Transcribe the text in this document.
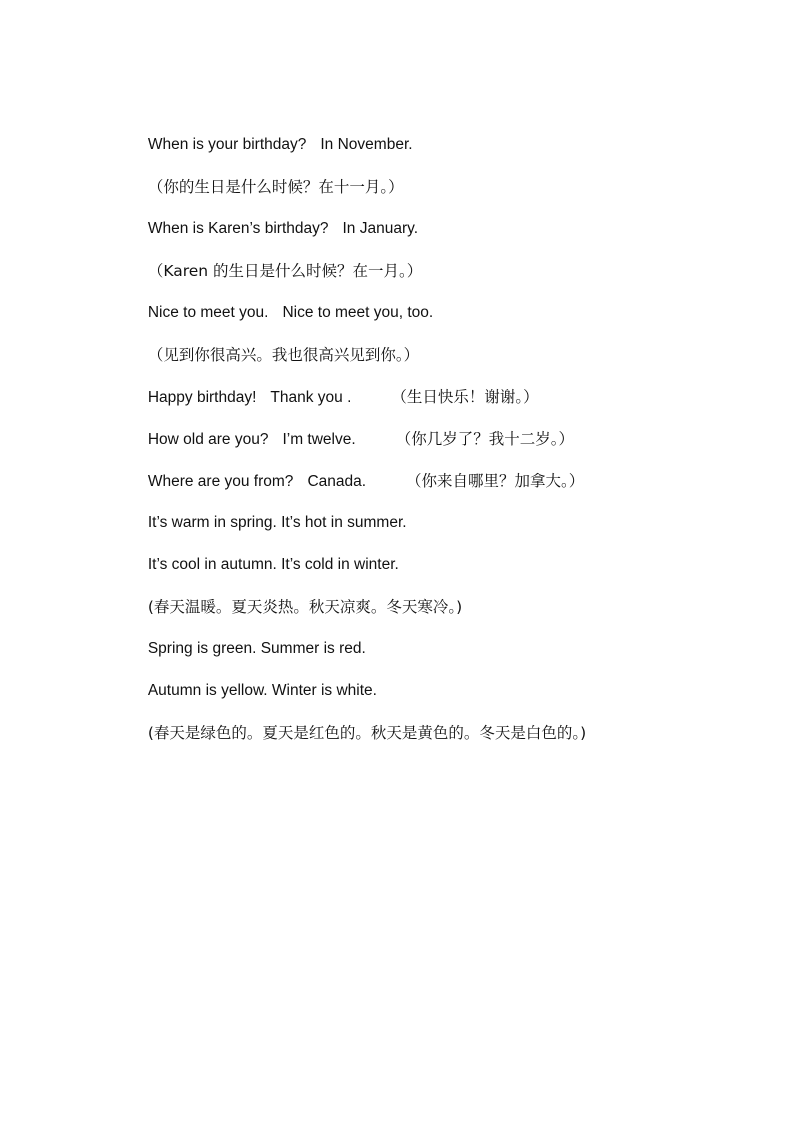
When is your birthday? In November.

（你的生日是什么时候？在十一月。）

When is Karen’s birthday? In January.

（Karen 的生日是什么时候？在一月。）

Nice to meet you. Nice to meet you, too.

（见到你很高兴。我也很高兴见到你。）

Happy birthday! Thank you .	（生日快乐！谢谢。）

How old are you? I’m twelve.	（你几岁了？我十二岁。）

Where are you from? Canada.	（你来自哪里？加拿大。）

It’s warm in spring. It’s hot in summer.

It’s cool in autumn. It’s cold in winter.

(春天温暖。夏天炎热。秋天凉爽。冬天寒冷。)

Spring is green. Summer is red.

Autumn is yellow. Winter is white.

(春天是绿色的。夏天是红色的。秋天是黄色的。冬天是白色的。)
